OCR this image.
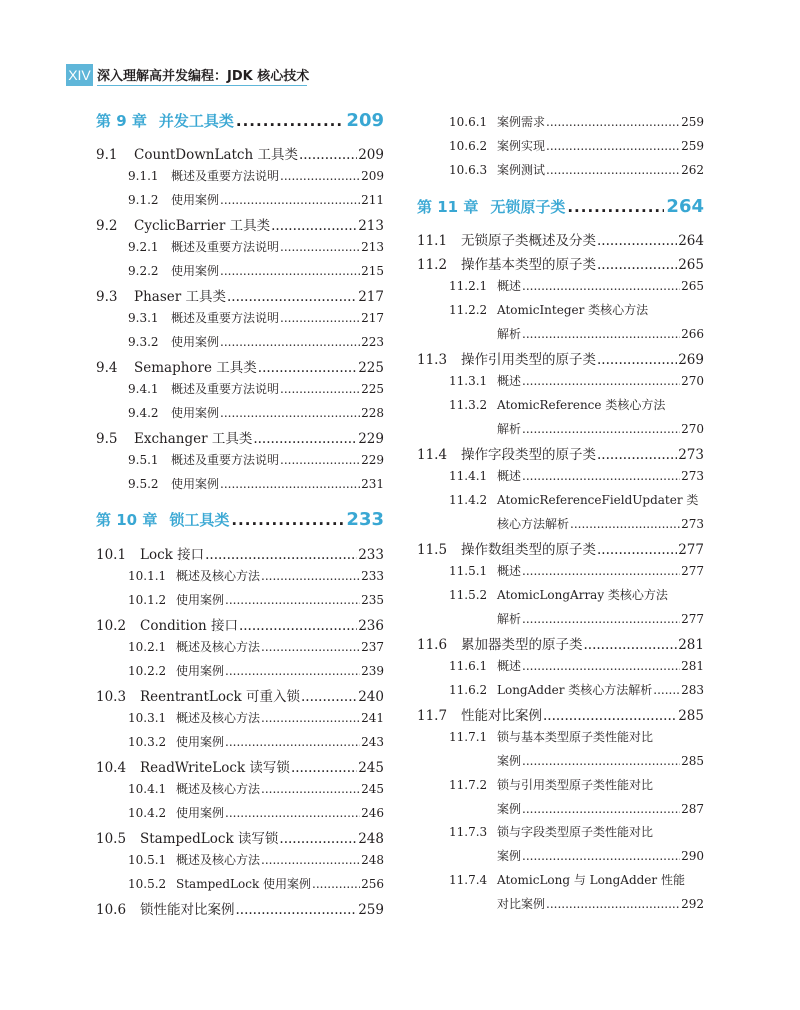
XIV 深入理解高并发编程：JDK 核心技术
第 9 章 并发工具类 .....	209
9.1	CountDownLatch 工具类 .....	209
9.1.1	概述及重要方法说明 .....	209
9.1.2	使用案例 .....	211
9.2	CyclicBarrier 工具类 .....	213
9.2.1	概述及重要方法说明 .....	213
9.2.2	使用案例 .....	215
9.3	Phaser 工具类 .....	217
9.3.1	概述及重要方法说明 .....	217
9.3.2	使用案例 .....	223
9.4	Semaphore 工具类 .....	225
9.4.1	概述及重要方法说明 .....	225
9.4.2	使用案例 .....	228
9.5	Exchanger 工具类 .....	229
9.5.1	概述及重要方法说明 .....	229
9.5.2	使用案例 .....	231
第 10 章 锁工具类 .....	233
10.1	Lock 接口 .....	233
10.1.1 概述及核心方法 .....	233
10.1.2 使用案例 .....	235
10.2	Condition 接口 .....	236
10.2.1 概述及核心方法 .....	237
10.2.2 使用案例 .....	239
10.3	ReentrantLock 可重入锁 .....	240
10.3.1 概述及核心方法 .....	241
10.3.2 使用案例 .....	243
10.4	ReadWriteLock 读写锁 .....	245
10.4.1 概述及核心方法 .....	245
10.4.2 使用案例 .....	246
10.5	StampedLock 读写锁 .....	248
10.5.1 概述及核心方法 .....	248
10.5.2 StampedLock 使用案例 .....	256
10.6	锁性能对比案例 .....	259
10.6.1 案例需求 .....	259
10.6.2 案例实现 .....	259
10.6.3 案例测试 .....	262
第 11 章 无锁原子类 .....	264
11.1	无锁原子类概述及分类 .....	264
11.2	操作基本类型的原子类 .....	265
11.2.1 概述 .....	265
11.2.2 AtomicInteger 类核心方法
解析 .....	266
11.3	操作引用类型的原子类 .....	269
11.3.1 概述 .....	270
11.3.2 AtomicReference 类核心方法
解析 .....	270
11.4	操作字段类型的原子类 .....	273
11.4.1 概述 .....	273
11.4.2 AtomicReferenceFieldUpdater 类
核心方法解析 .....	273
11.5	操作数组类型的原子类 .....	277
11.5.1 概述 .....	277
11.5.2 AtomicLongArray 类核心方法
解析 .....	277
11.6	累加器类型的原子类 .....	281
11.6.1 概述 .....	281
11.6.2 LongAdder 类核心方法解析 ..... 283
11.7	性能对比案例 .....	285
11.7.1 锁与基本类型原子类性能对比
案例 .....	285
11.7.2 锁与引用类型原子类性能对比
案例 .....	287
11.7.3 锁与字段类型原子类性能对比
案例 .....	290
11.7.4 AtomicLong 与 LongAdder 性能
对比案例 .....	292
